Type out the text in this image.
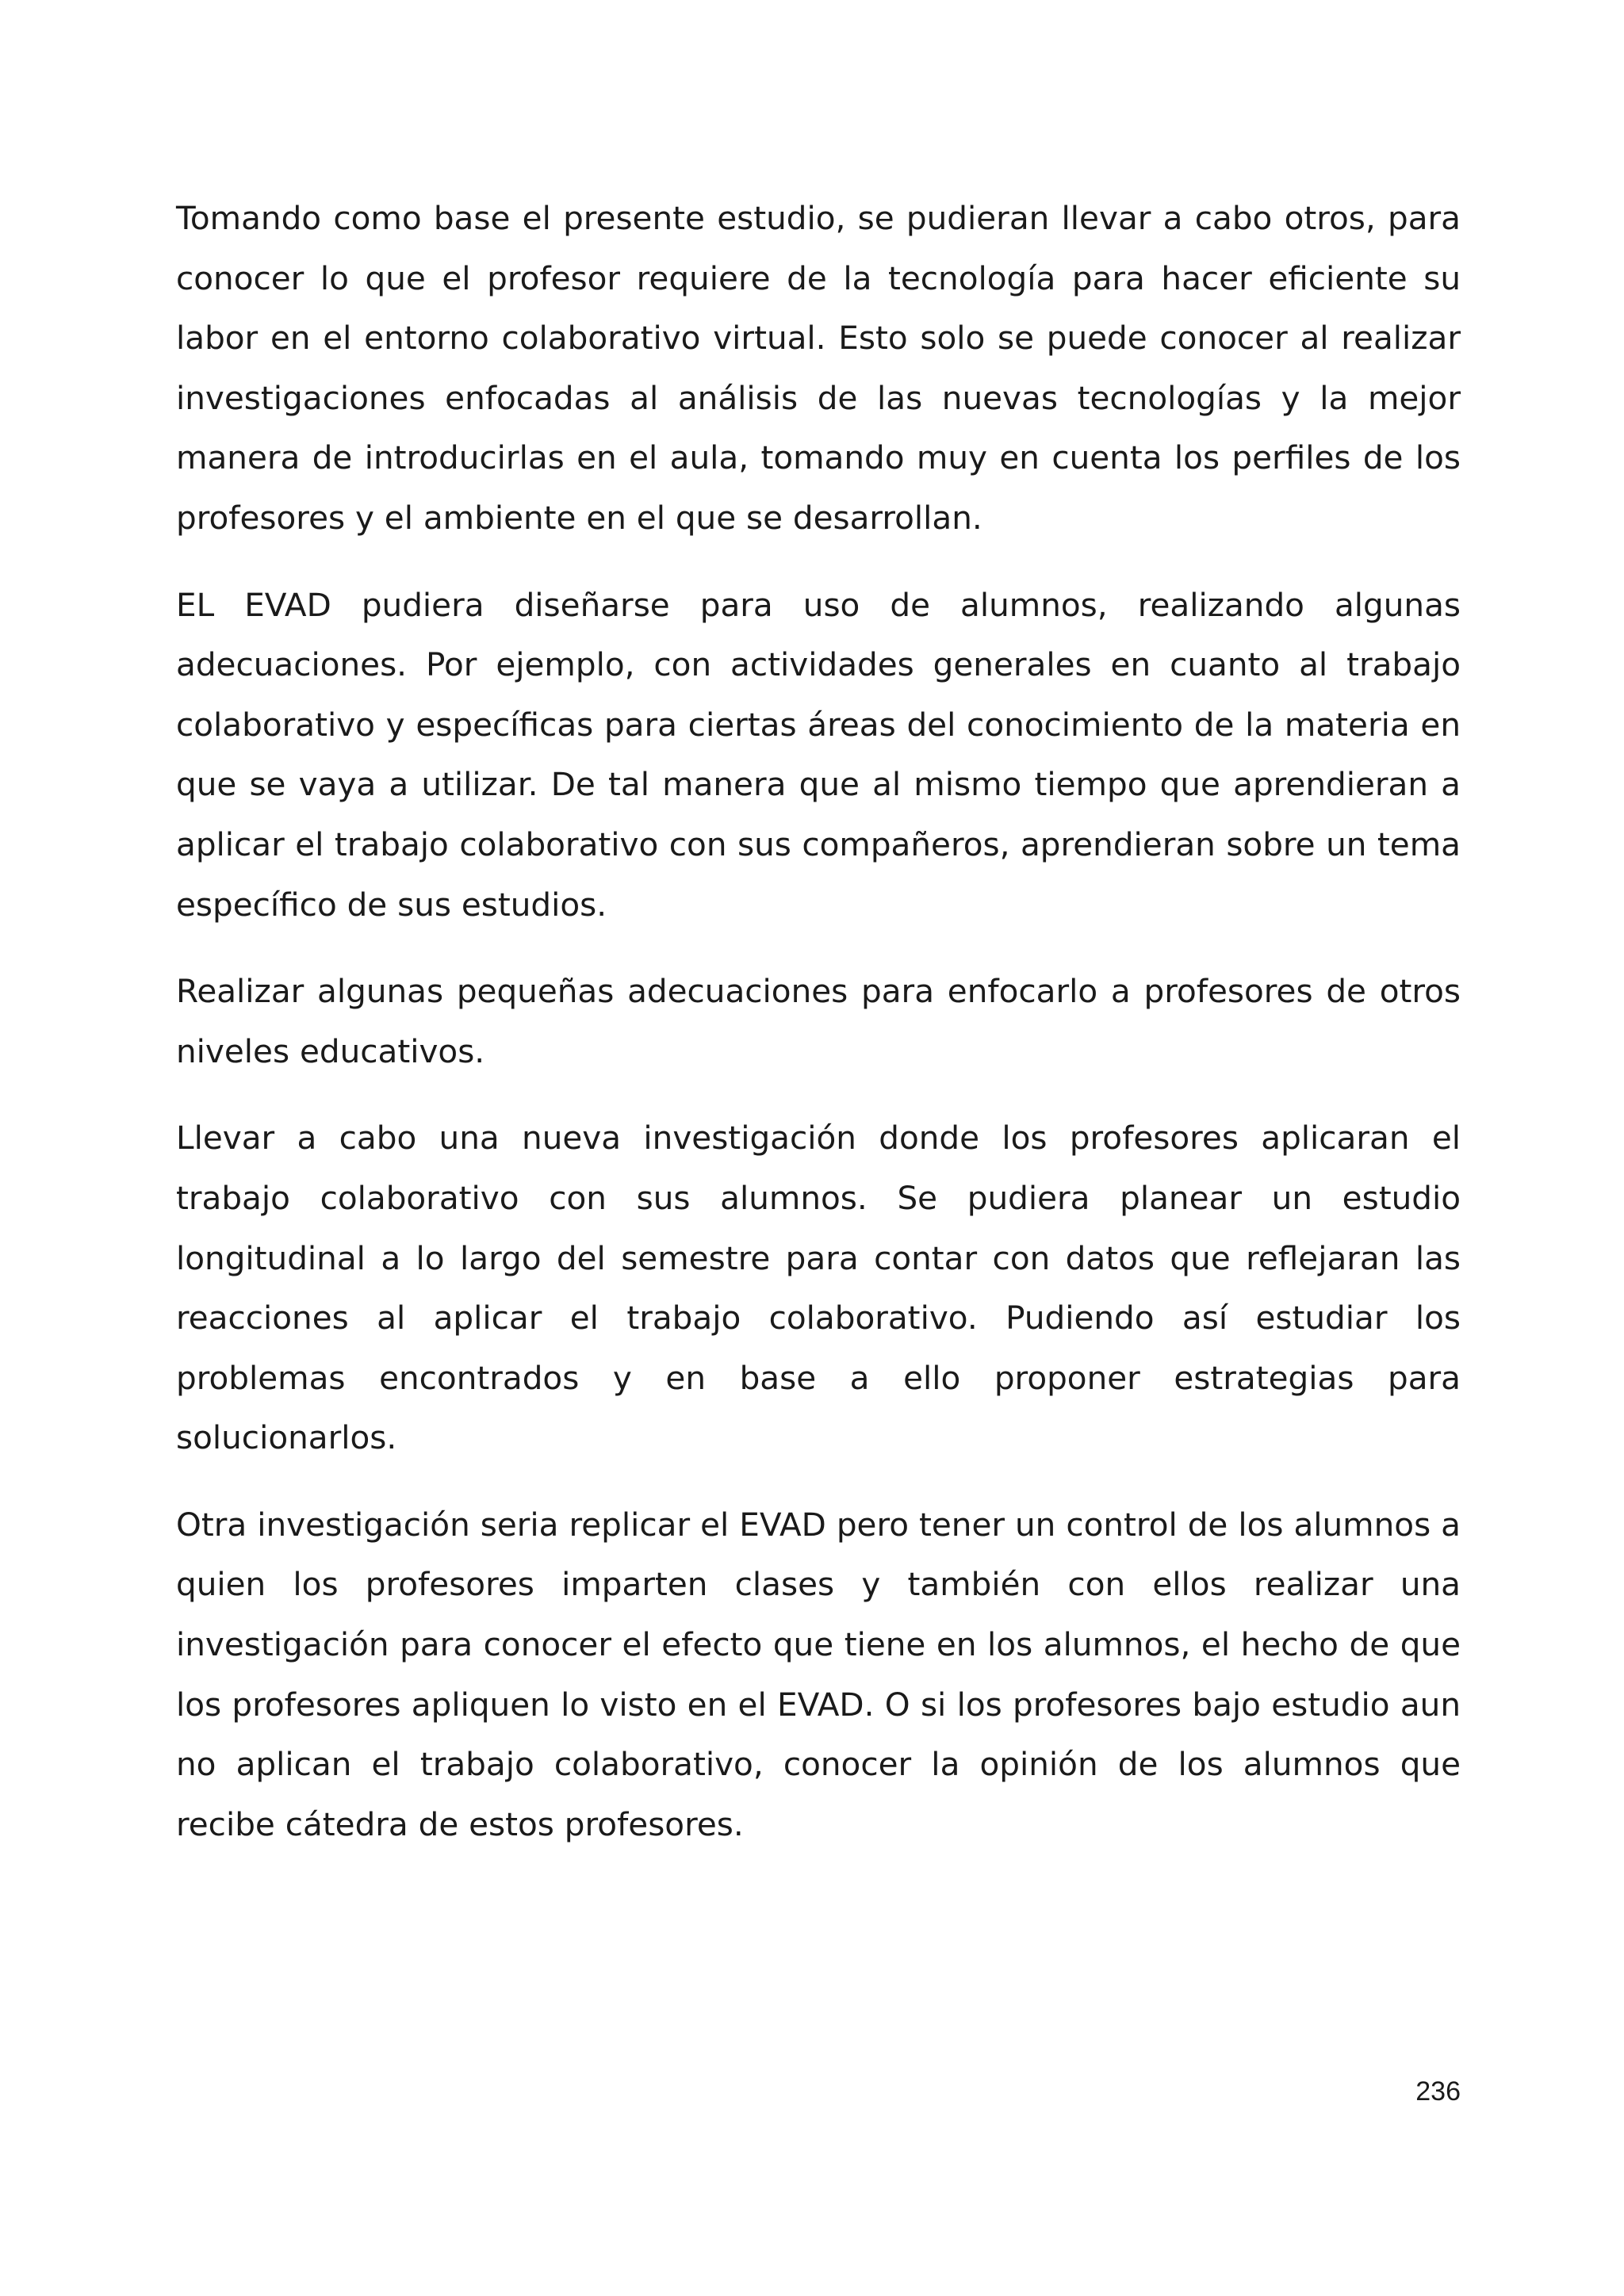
Tomando como base el presente estudio, se pudieran llevar a cabo otros, para conocer lo que el profesor requiere de la tecnología para hacer eficiente su labor en el entorno colaborativo virtual. Esto solo se puede conocer al realizar investigaciones enfocadas al análisis de las nuevas tecnologías y la mejor manera de introducirlas en el aula, tomando muy en cuenta los perfiles de los profesores y el ambiente en el que se desarrollan.

EL EVAD pudiera diseñarse para uso de alumnos, realizando algunas adecuaciones. Por ejemplo, con actividades generales en cuanto al trabajo colaborativo y específicas para ciertas áreas del conocimiento de la materia en que se vaya a utilizar. De tal manera que al mismo tiempo que aprendieran a aplicar el trabajo colaborativo con sus compañeros, aprendieran sobre un tema específico de sus estudios.

Realizar algunas pequeñas adecuaciones para enfocarlo a profesores de otros niveles educativos.

Llevar a cabo una nueva investigación donde los profesores aplicaran el trabajo colaborativo con sus alumnos. Se pudiera planear un estudio longitudinal a lo largo del semestre para contar con datos que reflejaran las reacciones al aplicar el trabajo colaborativo. Pudiendo así estudiar los problemas encontrados y en base a ello proponer estrategias para solucionarlos.

Otra investigación seria replicar el EVAD pero tener un control de los alumnos a quien los profesores imparten clases y también con ellos realizar una investigación para conocer el efecto que tiene en los alumnos, el hecho de que los profesores apliquen lo visto en el EVAD. O si los profesores bajo estudio aun no aplican el trabajo colaborativo, conocer la opinión de los alumnos que recibe cátedra de estos profesores.

236
